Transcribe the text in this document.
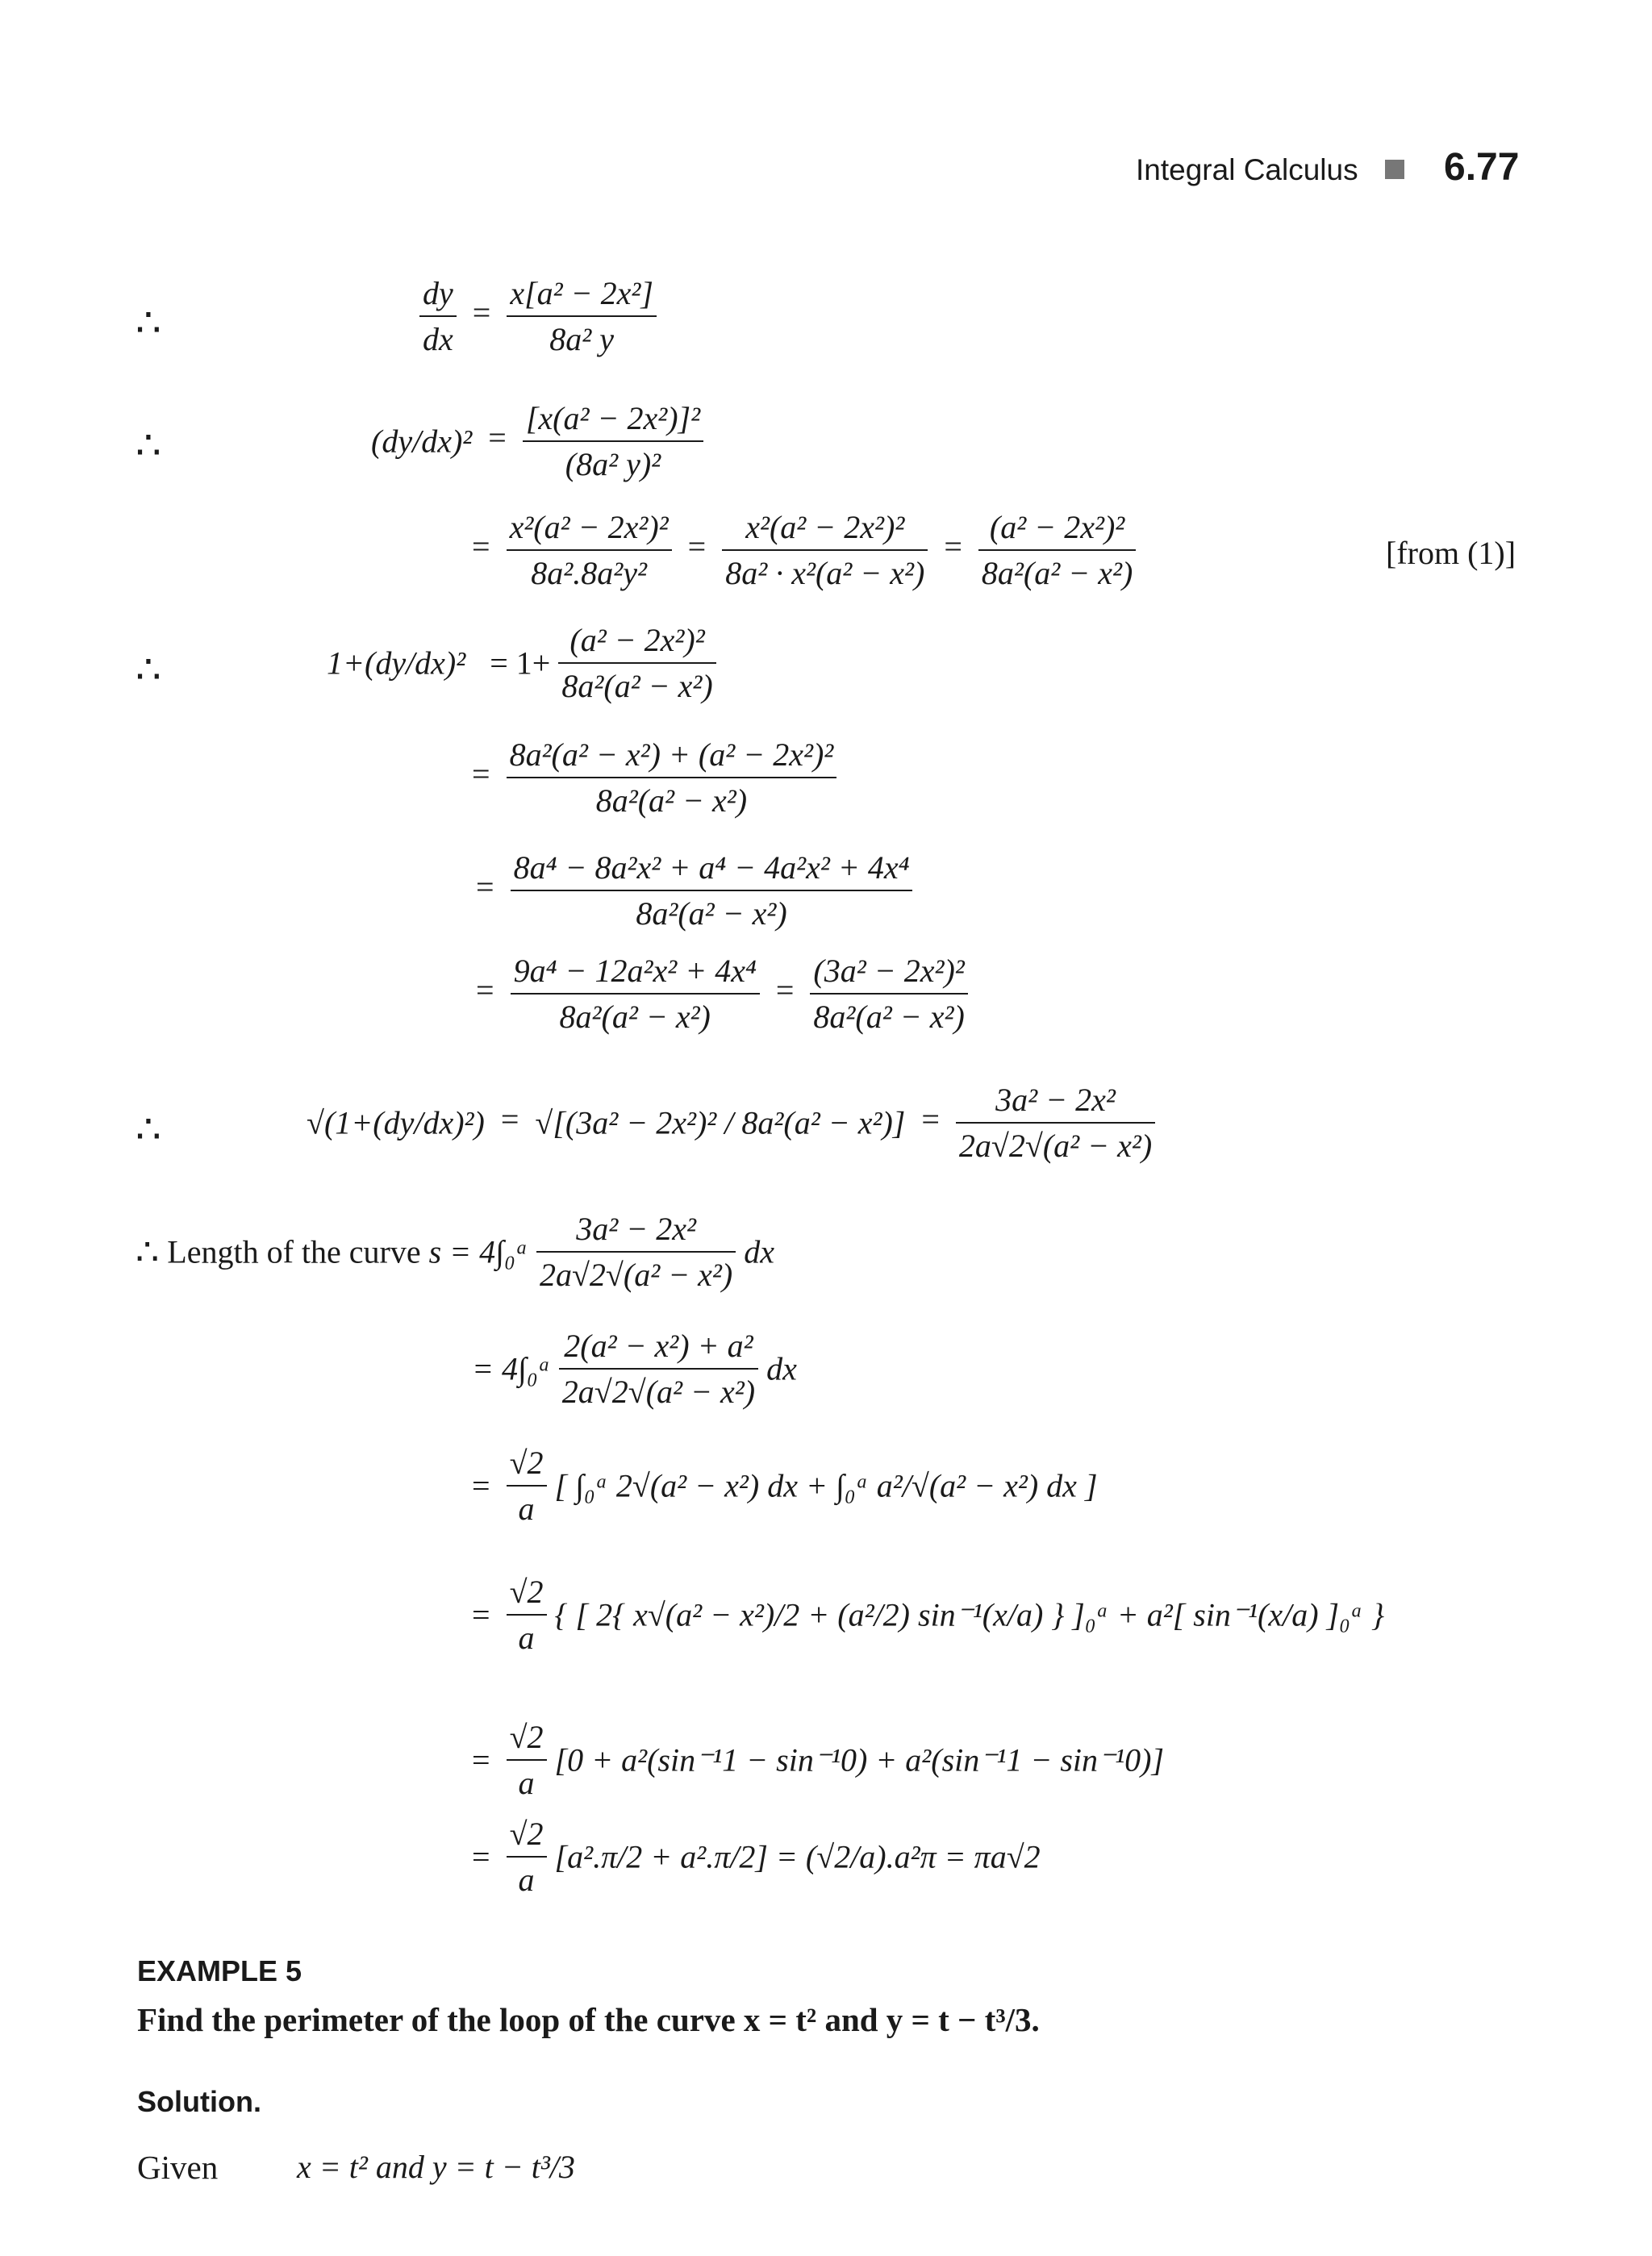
Integral Calculus 6.77
∴	$\frac{dy}{dx} = \frac{\text{x[a² − 2x²]}}{\text{8a² y}}$
∴	$(dy/dx)^2 = \frac{\text{[x(a² − 2x²)]²}}{\text{(8a² y)²}}$
= $\frac{\text{x²(a² − 2x²)²}}{\text{8a².8a²y²}} = \frac{\text{x²(a² − 2x²)²}}{\text{8a² · x²(a² − x²)}} = \frac{\text{(a² − 2x²)²}}{\text{8a²(a² − x²)}}$	[from (1)]
∴	$1+(dy/dx)^2 = 1+ \frac{\text{(a² − 2x²)²}}{\text{8a²(a² − x²)}}$
= $\frac{\text{8a²(a² − x²) + (a² − 2x²)²}}{\text{8a²(a² − x²)}}$
= $\frac{\text{8a⁴ − 8a²x² + a⁴ − 4a²x² + 4x⁴}}{\text{8a²(a² − x²)}}$
= $\frac{\text{9a⁴ − 12a²x² + 4x⁴}}{\text{8a²(a² − x²)}} = \frac{\text{(3a² − 2x²)²}}{\text{8a²(a² − x²)}}$
∴	$√(1+(dy/dx)^2) = √[(3a^2 - 2x^2)^2 / 8a^2(a^2 - x^2)] = \frac{\text{3a² − 2x²}}{\text{2a√2√(a² − x²)}}$
∴ Length of the curve s = 4∫₀ᵃ $\frac{\text{3a² − 2x²}}{\text{2a√2√(a² − x²)}}$ dx
= 4∫₀ᵃ $\frac{\text{2(a² − x²) + a²}}{\text{2a√2√(a² − x²)}}$ dx
= $\frac{√2}{a}$ [ ∫₀ᵃ 2√(a² − x²) dx + ∫₀ᵃ a²/√(a² − x²) dx ]
= $\frac{√2}{a}$ { [ 2{ x√(a² − x²)/2 + (a²/2) sin⁻¹(x/a) } ]₀ᵃ + a²[ sin⁻¹(x/a) ]₀ᵃ }
= $\frac{√2}{a} [0 + a^2(\sin^{-1}1 - \sin^{-1}0) + a^2(\sin^{-1}1 - \sin^{-1}0)]$
= $\frac{√2}{a} [a^2.\pi/2 + a^2.\pi/2] = (√2/a).a^2\pi = \pi a√2$
EXAMPLE 5
Find the perimeter of the loop of the curve x = t² and y = t − t³/3.
Solution.
Given x = t² and y = t − t³/3
